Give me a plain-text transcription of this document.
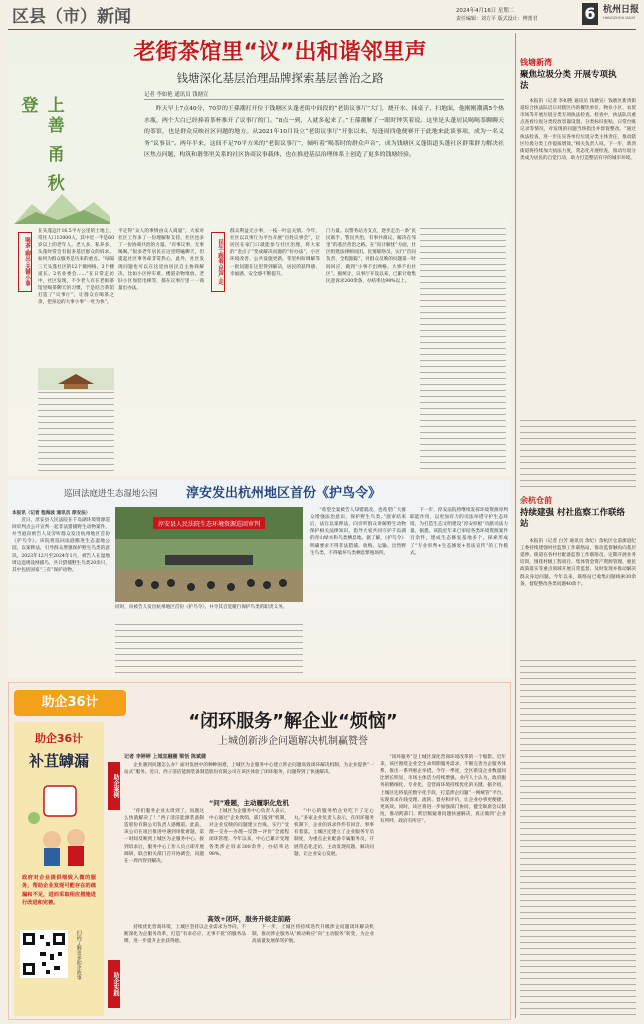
区县（市）新闻	2024年4月16日 星期二
责任编辑：刘方平 版式设计：傅蕾君	6 杭州日报
HANGZHOU DAILY
老街茶馆里“议”出和谐邻里声
钱塘深化基层治理品牌探索基层善治之路
上善 甬 秋 登
记者 李如艳 通讯员 钱塘宣
昨天早上7点40分，70岁的王孫潮打开位于钱塘区头蓬老街中间段的“老街议事厅”大门，烧开水、抹桌子、扫地面，他刚刚潮满5个热水瓶，两个大白已经捧着茶杯推开了议事厅的门。“8点一到，人就多起来了。”王孫潮解了一眼时钟笑着说。这里是头蓬居民喝喝茶聊聊天的茶馆，也是群众反映社区问题的地方。从2021年10月设立“老街议事厅”开张以来，每逢周四他便赛开于此地来此谈事项，成为一名义务“议事员”。两年半来，这间不足70平方米的“老街议事厅”，倾听着“喝茶时的群众声音”，成为钱塘区义蓬街道头蓬社区群策群力解决社区焦点问题，构筑和谐邻里关系的社区协商议事载体，也在推进基层治理体系上创造了更多的钱塘经验。
喝茶·聊出·关键小事
在头蓬远片16.5平方公里的土地上，常住人口13000人，其中近一半是60岁以上的老年人。老人多，私养多，头蓬时常会有很多基层群众的诉求。如何为群众服务是历来的重点。“每隔三天头蓬社区的12个微网格、3个楼道长、2名业委会……”在日常走访中，社区发现，不少老人有在老街茶馆里喝茶聊天的习惯，于是结合茶馆打造了“议事厅”，让群众在喝茶之余，把身边的大事小事“一吐为快”。
平定得“众人的事情由众人商量”，大家对社区工作多了一份理解和支持，社区也多了一份协商共治的力量。“有事议事，无事喝喝。”很多老年居民在这里唠嗑聊天，但提起社区事务却非常热心。此外，社区发现问题也可以在这里由居民自主协商解决，比如小区停车难、楼道杂物堆放、老旧小区加装电梯等，都在议事厅里一一商量出办法。
民生·跟着·民声·走
群众利益无小事，一枝一叶总关情。今年，社区以议事厅为平台开展“百姓议事会”，让居民在家门口就能参与社区治理，将大家的“金点子”变成解决问题的“好办法”，小区环境改善、公共设施更新、邻里纠纷调解等一批问题在这里得到解决，居民的获得感、幸福感、安全感不断提升。
门力量。以警务站为支点，逐步走出一条“民民联手、警民共治，有事共商议，解决在邻里”的基层善治之路。在“问计解忧”方面，社区组建法律顾问团、民情联络员，实行“首问负责、全程跟踪”，对群众反映的问题第一时间回应，做到“小事不出网格、大事不出社区”。据统计，议事厅开设以来，已累计收集民意诉求200余条，办结率达98%以上。
钱塘新湾
聚焦垃圾分类 开展专项执法
本报讯（记者 李如艳 通讯员 钱塘宣）钱塘区新湾街道综合执法队近日对辖区内的餐饮单位、物业小区、农贸市场等开展垃圾分类专项执法检查。检查中，执法队员重点查看垃圾分类投放容器设置、分类标识张贴、日常台账记录等情况，对发现的问题当场指出并督促整改。“通过执法检查，进一步压实各单位垃圾分类主体责任，推动辖区垃圾分类工作提质增效。”相关负责人说。下一步，新湾街道将持续加大执法力度，常态化开展检查，推动垃圾分类成为居民的自觉行动，助力打造整洁有序的城市环境。
余杭仓前
持续建强 村社监察工作联络站
本报讯（记者 白芳 通讯员 余纪）余杭区仓前街道纪工委持续建强村社监察工作联络站，推动监督触角向基层延伸。街道在各村社配备监察工作联络员，定期开展业务培训，围绕村级工程项目、集体资金资产资源管理、惠民政策落实等重点领域开展日常监督，及时发现并推动解决群众身边问题。今年以来，联络站已收集问题线索30余条，督促整改各类问题40余个。
巡回法庭进生态湿地公园 淳安发出杭州地区首份《护鸟令》
本报讯（记者 程海波 通讯员 淳安法）
近日，淳安县人民法院在千岛湖环境资源巡回审判点公开宣判一起非法猎捕野生动物案件，并当庭向被告人及旁听群众发出杭州地区首份《护鸟令》。该院将巡回法庭搬进生态湿地公园，以案释法，引导群众增强保护野生鸟类的意识。2023年12月至2024年1月，被告人在湿地周边违规设网捕鸟，共计猎捕野生鸟类20余只，其中包括国家“三有”保护动物。
淳安县人民法院生态环境资源巡回审判
同时，向被告人发出杭州地区首份《护鸟令》，并令其自觉履行保护鸟类的职责义务。
“希望全案被告人知错就改，也希望广大群众增强法治意识，保护野生鸟类。”庭审结束后，法官以案释法，向旁听群众讲解野生动物保护相关法律知识，倡导大家共同守护千岛湖的青山绿水和鸟类栖息地。据了解，《护鸟令》明确要求不得非法猎捕、收购、运输、出售野生鸟类，不得破坏鸟类栖息繁殖场所。
下一步，淳安法院将继续发挥环境资源审判职能作用，以更加有力的司法举措守护生态环境，为打造生态文明建设“淳安样板”贡献司法力量。据悉，该院近年来已审结各类环境资源案件百余件，建成生态修复基地多个，探索形成了“专业审判+生态修复+普法宣传”的工作模式。
助企36计
助企36计
补苴罅漏
政府对企业提供细致入微的服务，帮助企业发现可能存在的疏漏和不足，进而采取相应措施进行改进和完善。
扫码了解更多助企故事
助企案例
助企实践
“闭环服务”解企业“烦恼”
上城创新涉企问题解决机制赢赞誉
记者 李婷婷 上城宣融圈 梁恬 陈斌健
企业遇到问题怎么办？面对发展中的种种困难，上城区为企服务中心建立涉企问题高效闭环解决机制，为企业提供“一站式”服务。近日，西子清洁能源装备制造股份有限公司在该区体验了闭环服务，问题得到了快速解决。
“闭环服务”是上城区深化营商环境改革的一个缩影。近年来，该区围绕企业全生命周期服务需求，不断完善为企服务体系，推出一系列惠企举措。今年一季度，全区新设企业数量同比增长明显，市场主体活力持续增强。业内人士认为，政府服务的精细化、专业化，是营商环境持续优化的关键。据介绍，上城区还将依托数字化手段，打造涉企问题“一网统管”平台，实现诉求在线受理、流转、督办和评价，让企业办事更便捷、更高效。同时，该区将进一步加强部门协同，健全联席会议制度，推动跨部门、跨层级疑难问题快速解决，真正做到“企业有所呼、政府有所应”。
“问”难题，主动履职化危机
“你们服务企业太周到了，问题这么快就解决了！”西子清洁能源装备制造股份有限公司负责人感慨道。此前，该公司在项目推进中遇到审批难题，第一时间反映到上城区为企服务中心。接到诉求后，服务中心工作人员立即开展调研，联合相关部门召开协调会，问题在一周内得到解决。
上城区为企服务中心负责人表示，中心通过“企业吹哨、部门报到”机制，对企业反映的问题建立台账，实行“受理—交办—办理—反馈—评价”全流程闭环管理。今年以来，中心已累计受理各类涉企诉求300余件，办结率达98%。
“中心的服务给企业吃下了定心丸。”多家企业负责人表示，在闭环服务机制下，企业的诉求件件有回音、事事有着落。上城区还建立了企业服务专员制度，为重点企业配备专属服务员，开展常态化走访，主动发现问题、解决问题，让企业安心发展。
高效+闭环，服务升级走前路
持续优化营商环境，上城区坚持以企业需求为导向，不断深化为企服务改革，打造“有求必应、无事不扰”的服务品牌，进一步提升企业获得感。
下一步，上城区将持续迭代升级涉企问题闭环解决机制，推动涉企服务从“被动响应”向“主动服务”转变，为企业高质量发展保驾护航。
